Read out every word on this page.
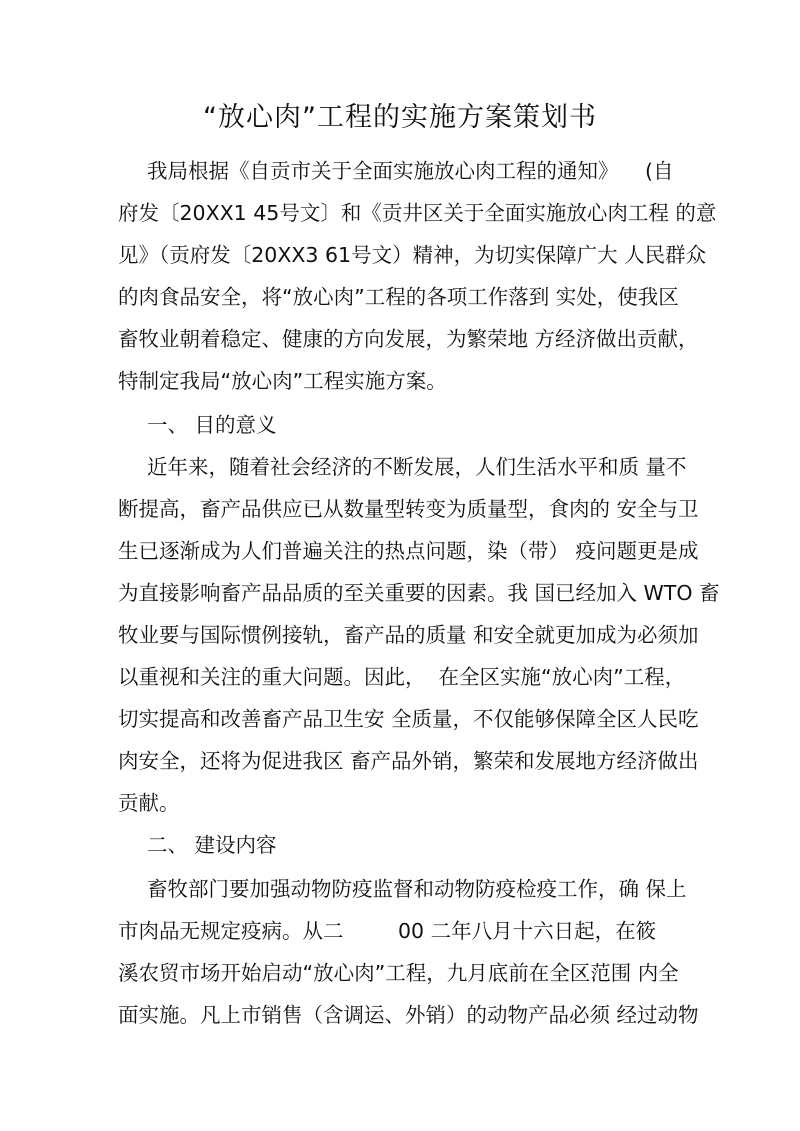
“放心肉”工程的实施方案策划书
我局根据《自贡市关于全面实施放心肉工程的通知》 (自
府发〔20XX1 45号文〕和《贡井区关于全面实施放心肉工程 的意
见》（贡府发〔20XX3 61号文）精神，为切实保障广大 人民群众
的肉食品安全，将“放心肉”工程的各项工作落到 实处，使我区
畜牧业朝着稳定、健康的方向发展，为繁荣地 方经济做出贡献，
特制定我局“放心肉”工程实施方案。
一、 目的意义
近年来，随着社会经济的不断发展，人们生活水平和质 量不
断提高，畜产品供应已从数量型转变为质量型，食肉的 安全与卫
生已逐渐成为人们普遍关注的热点问题，染（带） 疫问题更是成
为直接影响畜产品品质的至关重要的因素。我 国已经加入 WTO 畜
牧业要与国际惯例接轨，畜产品的质量 和安全就更加成为必须加
以重视和关注的重大问题。因此，  在全区实施“放心肉”工程，
切实提高和改善畜产品卫生安 全质量，不仅能够保障全区人民吃
肉安全，还将为促进我区 畜产品外销，繁荣和发展地方经济做出
贡献。
二、 建设内容
畜牧部门要加强动物防疫监督和动物防疫检疫工作，确 保上
市肉品无规定疫病。从二	00 二年八月十六日起，在筱
溪农贸市场开始启动“放心肉”工程，九月底前在全区范围 内全
面实施。凡上市销售（含调运、外销）的动物产品必须 经过动物
